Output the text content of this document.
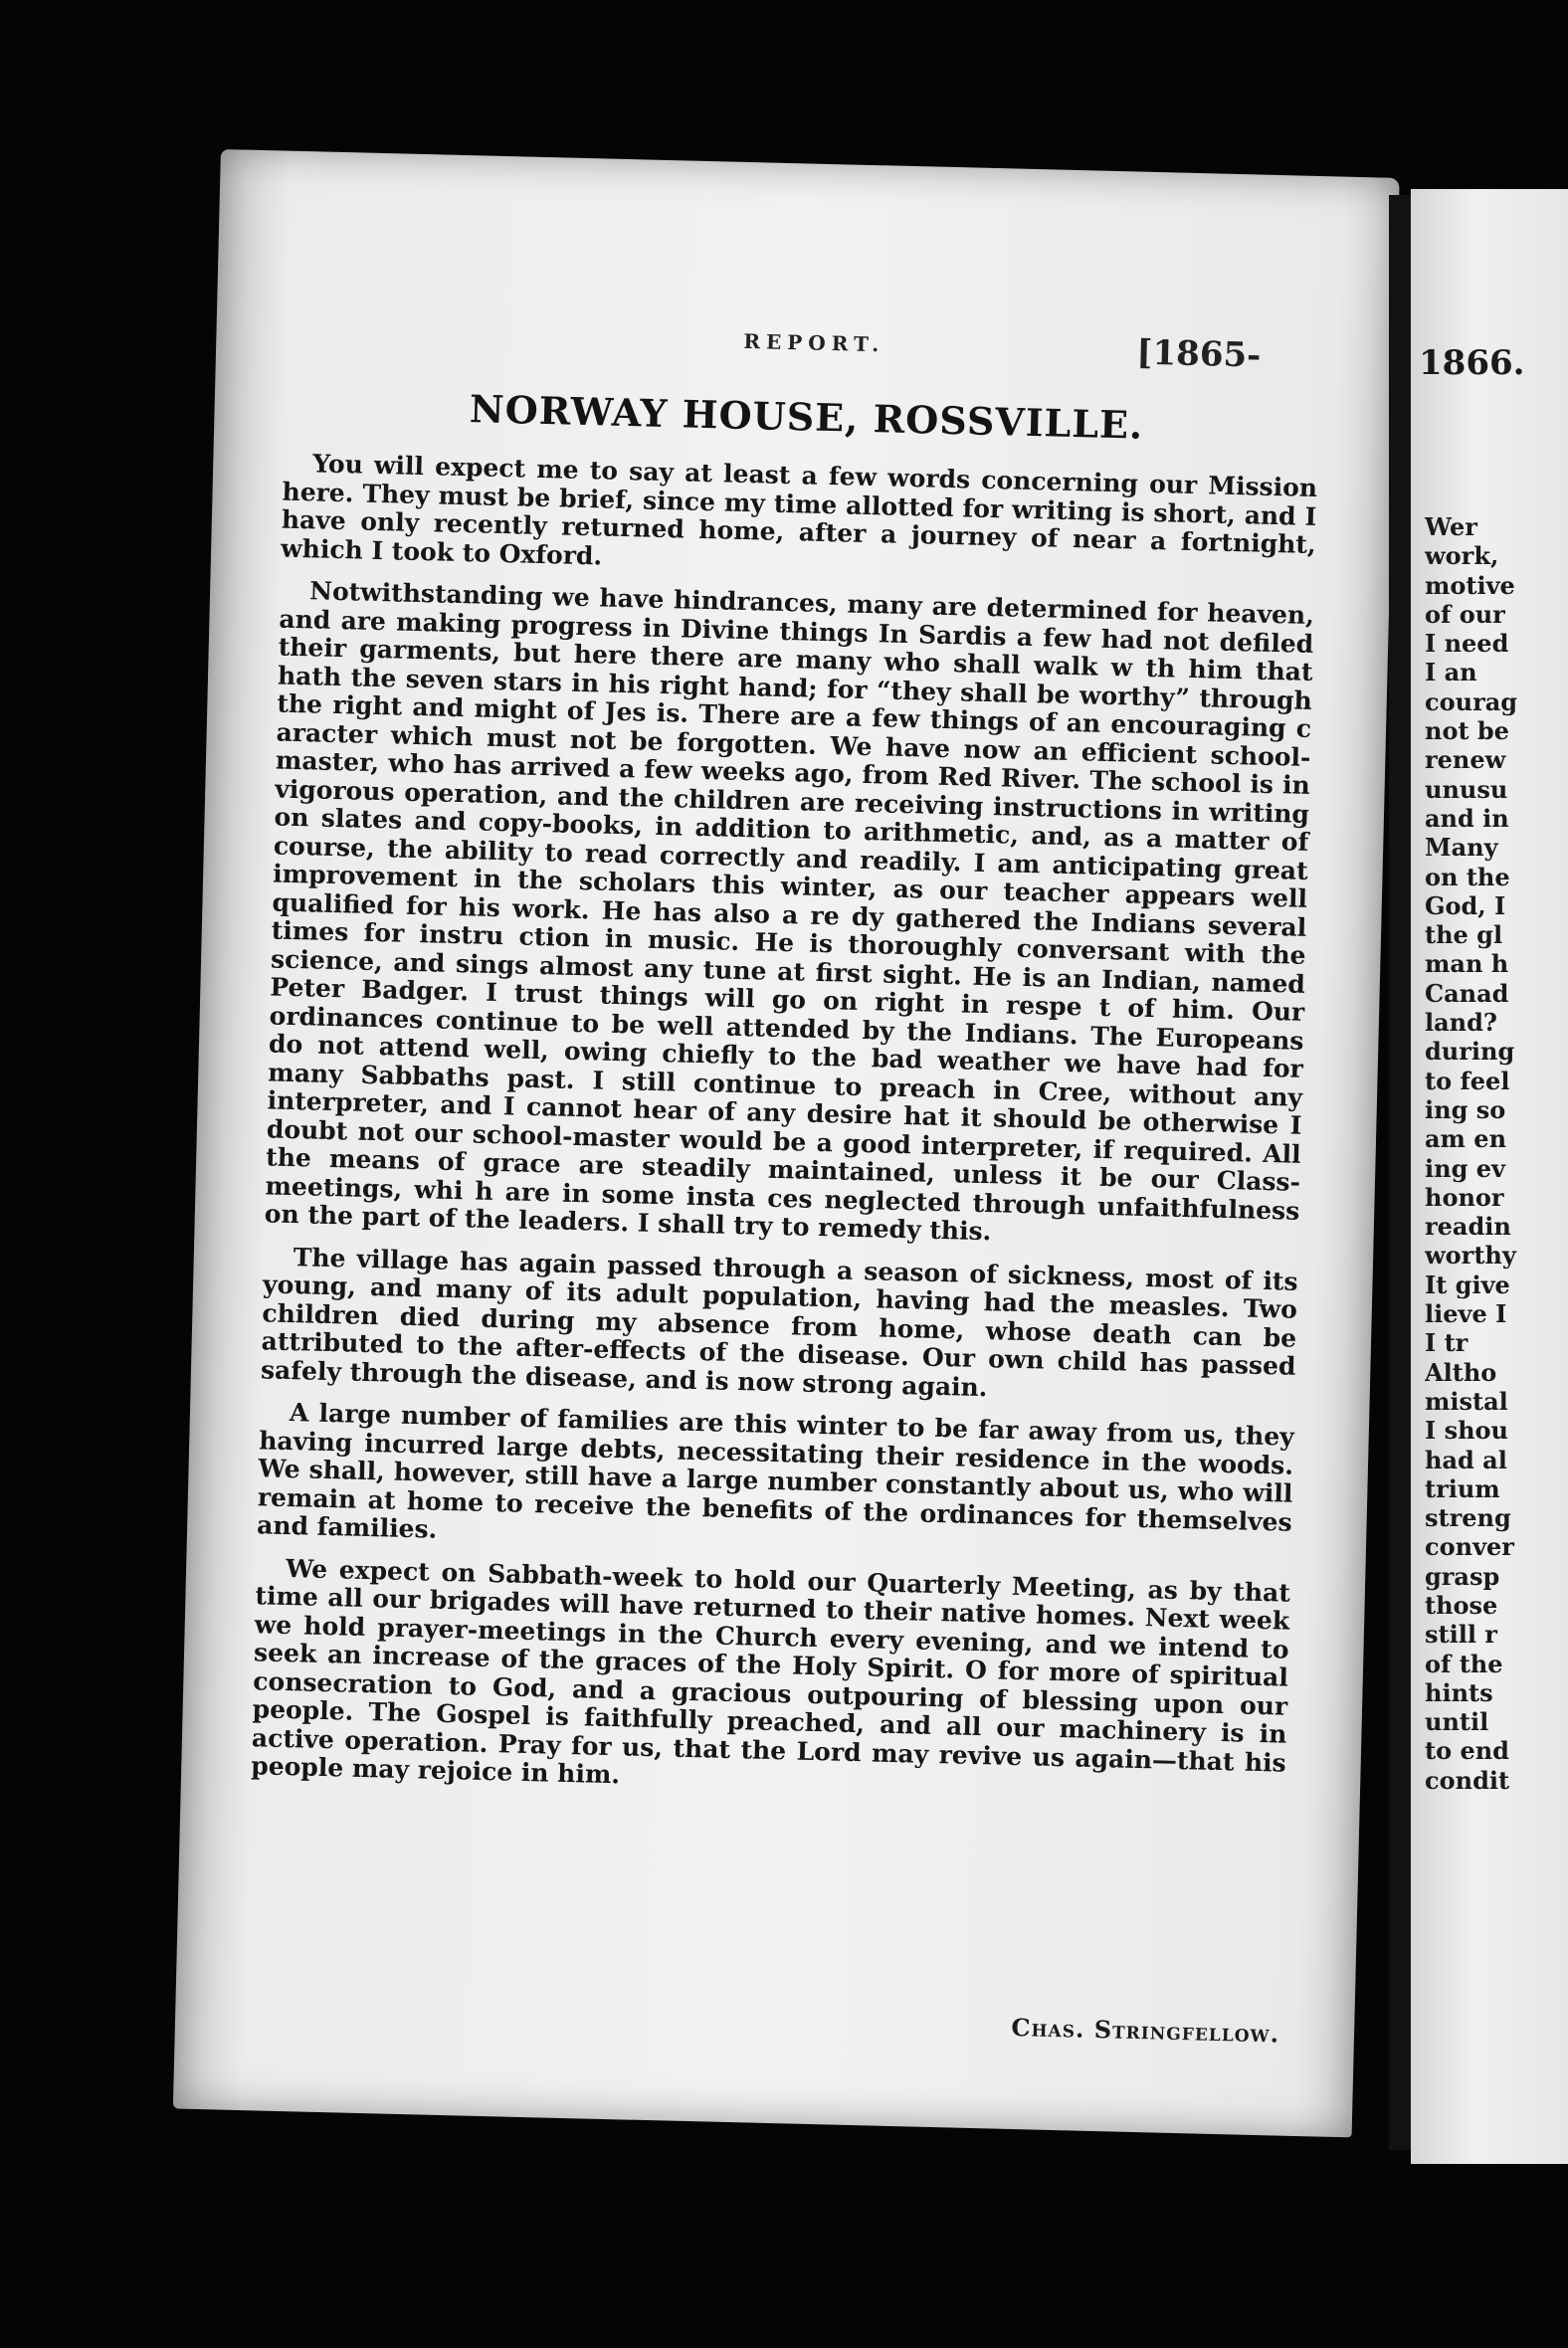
REPORT.	[1865-
NORWAY HOUSE, ROSSVILLE.

You will expect me to say at least a few words concerning our Mission here. They must be brief, since my time allotted for writing is short, and I have only recently returned home, after a journey of near a fortnight, which I took to Oxford.

Notwithstanding we have hindrances, many are determined for heaven, and are making progress in Divine things In Sardis a few had not defiled their garments, but here there are many who shall walk w th him that hath the seven stars in his right hand; for “they shall be worthy” through the right and might of Jes is. There are a few things of an encouraging c aracter which must not be forgotten. We have now an efficient school-master, who has arrived a few weeks ago, from Red River. The school is in vigorous operation, and the children are receiving instructions in writing on slates and copy-books, in addition to arithmetic, and, as a matter of course, the ability to read correctly and readily. I am anticipating great improvement in the scholars this winter, as our teacher appears well qualified for his work. He has also a re dy gathered the Indians several times for instru ction in music. He is thoroughly conversant with the science, and sings almost any tune at first sight. He is an Indian, named Peter Badger. I trust things will go on right in respe t of him. Our ordinances continue to be well attended by the Indians. The Europeans do not attend well, owing chiefly to the bad weather we have had for many Sabbaths past. I still continue to preach in Cree, without any interpreter, and I cannot hear of any desire hat it should be otherwise I doubt not our school-master would be a good interpreter, if required. All the means of grace are steadily maintained, unless it be our Class-meetings, whi h are in some insta ces neglected through unfaithfulness on the part of the leaders. I shall try to remedy this.

The village has again passed through a season of sickness, most of its young, and many of its adult population, having had the measles. Two children died during my absence from home, whose death can be attributed to the after-effects of the disease. Our own child has passed safely through the disease, and is now strong again.

A large number of families are this winter to be far away from us, they having incurred large debts, necessitating their residence in the woods. We shall, however, still have a large number constantly about us, who will remain at home to receive the benefits of the ordinances for themselves and families.

We expect on Sabbath-week to hold our Quarterly Meeting, as by that time all our brigades will have returned to their native homes. Next week we hold prayer-meetings in the Church every evening, and we intend to seek an increase of the graces of the Holy Spirit. O for more of spiritual consecration to God, and a gracious outpouring of blessing upon our people. The Gospel is faithfully preached, and all our machinery is in active operation. Pray for us, that the Lord may revive us again—that his people may rejoice in him.

Chas. Stringfellow.
1866.
Wer
work,
motive
of our
I need
I an
courag
not be
renew
unusu
and in
Many
on the
God, I
the gl
man h
Canad
land?
during
to feel
ing so
am en
ing ev
honor
readin
worthy
It give
lieve I
I tr
Altho
mistal
I shou
had al
trium
streng
conver
grasp
those
still r
of the
hints
until
to end
condit
